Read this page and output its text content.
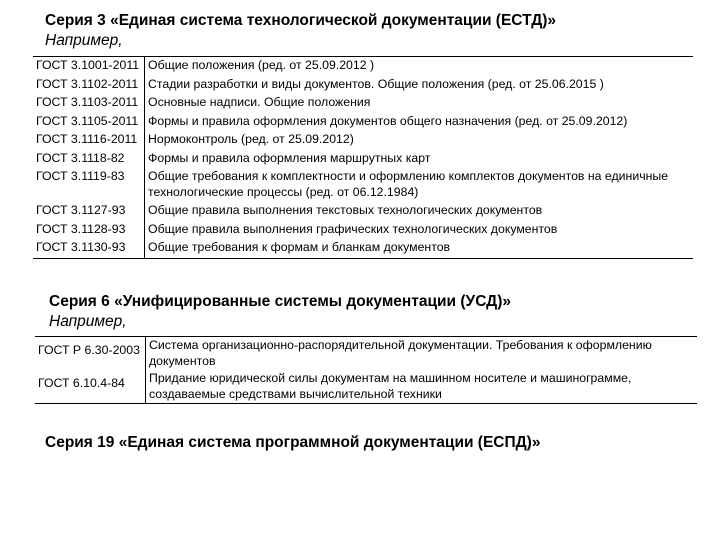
Серия 3 «Единая система технологической документации (ЕСТД)»
Например,
ГОСТ 3.1001-2011	Общие положения (ред. от 25.09.2012 )
ГОСТ 3.1102-2011	Стадии разработки и виды документов. Общие положения (ред. от 25.06.2015 )
ГОСТ 3.1103-2011	Основные надписи. Общие положения
ГОСТ 3.1105-2011	Формы и правила оформления документов общего назначения (ред. от 25.09.2012)
ГОСТ 3.1116-2011	Нормоконтроль (ред. от 25.09.2012)
ГОСТ 3.1118-82	Формы и правила оформления маршрутных карт
ГОСТ 3.1119-83	Общие требования к комплектности и оформлению комплектов документов на единичные технологические процессы (ред. от 06.12.1984)
ГОСТ 3.1127-93	Общие правила выполнения текстовых технологических документов
ГОСТ 3.1128-93	Общие правила выполнения графических технологических документов
ГОСТ 3.1130-93	Общие требования к формам и бланкам документов
Серия 6 «Унифицированные системы документации (УСД)»
Например,
ГОСТ Р 6.30-2003	Система организационно-распорядительной документации. Требования к оформлению документов
ГОСТ 6.10.4-84	Придание юридической силы документам на машинном носителе и машинограмме, создаваемые средствами вычислительной техники
Серия 19 «Единая система программной документации (ЕСПД)»
